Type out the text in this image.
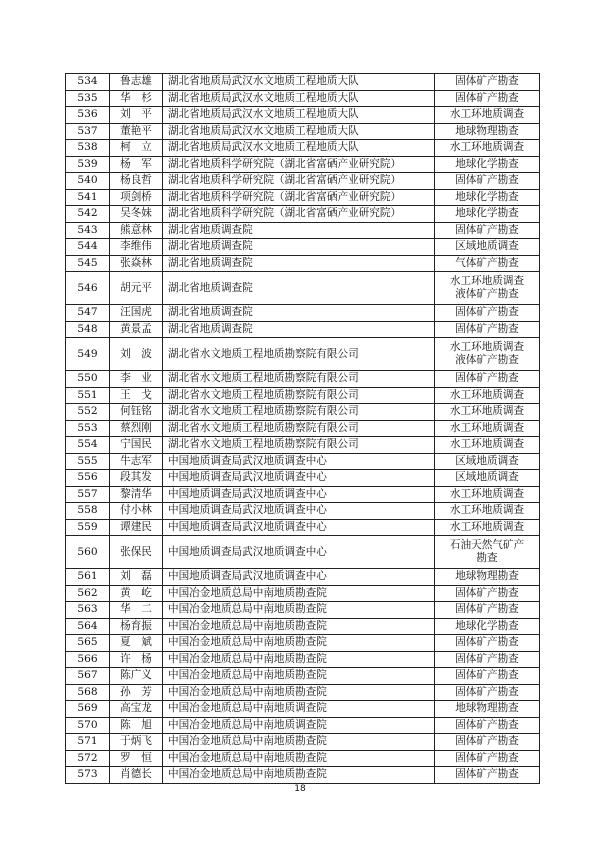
534	鲁志雄	湖北省地质局武汉水文地质工程地质大队	固体矿产勘查

535	华　杉	湖北省地质局武汉水文地质工程地质大队	固体矿产勘查

536	刘　平	湖北省地质局武汉水文地质工程地质大队	水工环地质调查

537	董艳平	湖北省地质局武汉水文地质工程地质大队	地球物理勘查

538	柯　立	湖北省地质局武汉水文地质工程地质大队	水工环地质调查

539	杨　军	湖北省地质科学研究院（湖北省富硒产业研究院）	地球化学勘查

540	杨良哲	湖北省地质科学研究院（湖北省富硒产业研究院）	固体矿产勘查

541	项剑桥	湖北省地质科学研究院（湖北省富硒产业研究院）	地球化学勘查

542	吴冬妹	湖北省地质科学研究院（湖北省富硒产业研究院）	地球化学勘查

543	熊意林	湖北省地质调查院	固体矿产勘查

544	李维伟	湖北省地质调查院	区域地质调查

545	张焱林	湖北省地质调查院	气体矿产勘查

546	胡元平	湖北省地质调查院	水工环地质调查
液体矿产勘查

547	汪国虎	湖北省地质调查院	固体矿产勘查

548	黄景孟	湖北省地质调查院	固体矿产勘查

549	刘　波	湖北省水文地质工程地质勘察院有限公司	水工环地质调查
液体矿产勘查

550	李　业	湖北省水文地质工程地质勘察院有限公司	固体矿产勘查

551	王　戈	湖北省水文地质工程地质勘察院有限公司	水工环地质调查

552	何钰铭	湖北省水文地质工程地质勘察院有限公司	水工环地质调查

553	蔡烈刚	湖北省水文地质工程地质勘察院有限公司	水工环地质调查

554	宁国民	湖北省水文地质工程地质勘察院有限公司	水工环地质调查

555	牛志军	中国地质调查局武汉地质调查中心	区域地质调查

556	段其发	中国地质调查局武汉地质调查中心	区域地质调查

557	黎清华	中国地质调查局武汉地质调查中心	水工环地质调查

558	付小林	中国地质调查局武汉地质调查中心	水工环地质调查

559	谭建民	中国地质调查局武汉地质调查中心	水工环地质调查

560	张保民	中国地质调查局武汉地质调查中心	石油天然气矿产
勘查

561	刘　磊	中国地质调查局武汉地质调查中心	地球物理勘查

562	黄　屹	中国冶金地质总局中南地质勘查院	固体矿产勘查

563	华　二	中国冶金地质总局中南地质勘查院	固体矿产勘查

564	杨育振	中国冶金地质总局中南地质勘查院	地球化学勘查

565	夏　斌	中国冶金地质总局中南地质勘查院	固体矿产勘查

566	许　杨	中国冶金地质总局中南地质勘查院	固体矿产勘查

567	陈广义	中国冶金地质总局中南地质勘查院	固体矿产勘查

568	孙　芳	中国冶金地质总局中南地质勘查院	固体矿产勘查

569	高宝龙	中国冶金地质总局中南地质调查院	地球物理勘查

570	陈　旭	中国冶金地质总局中南地质调查院	固体矿产勘查

571	于炳飞	中国冶金地质总局中南地质勘查院	固体矿产勘查

572	罗　恒	中国冶金地质总局中南地质勘查院	固体矿产勘查

573	肖德长	中国冶金地质总局中南地质勘查院	固体矿产勘查
18
